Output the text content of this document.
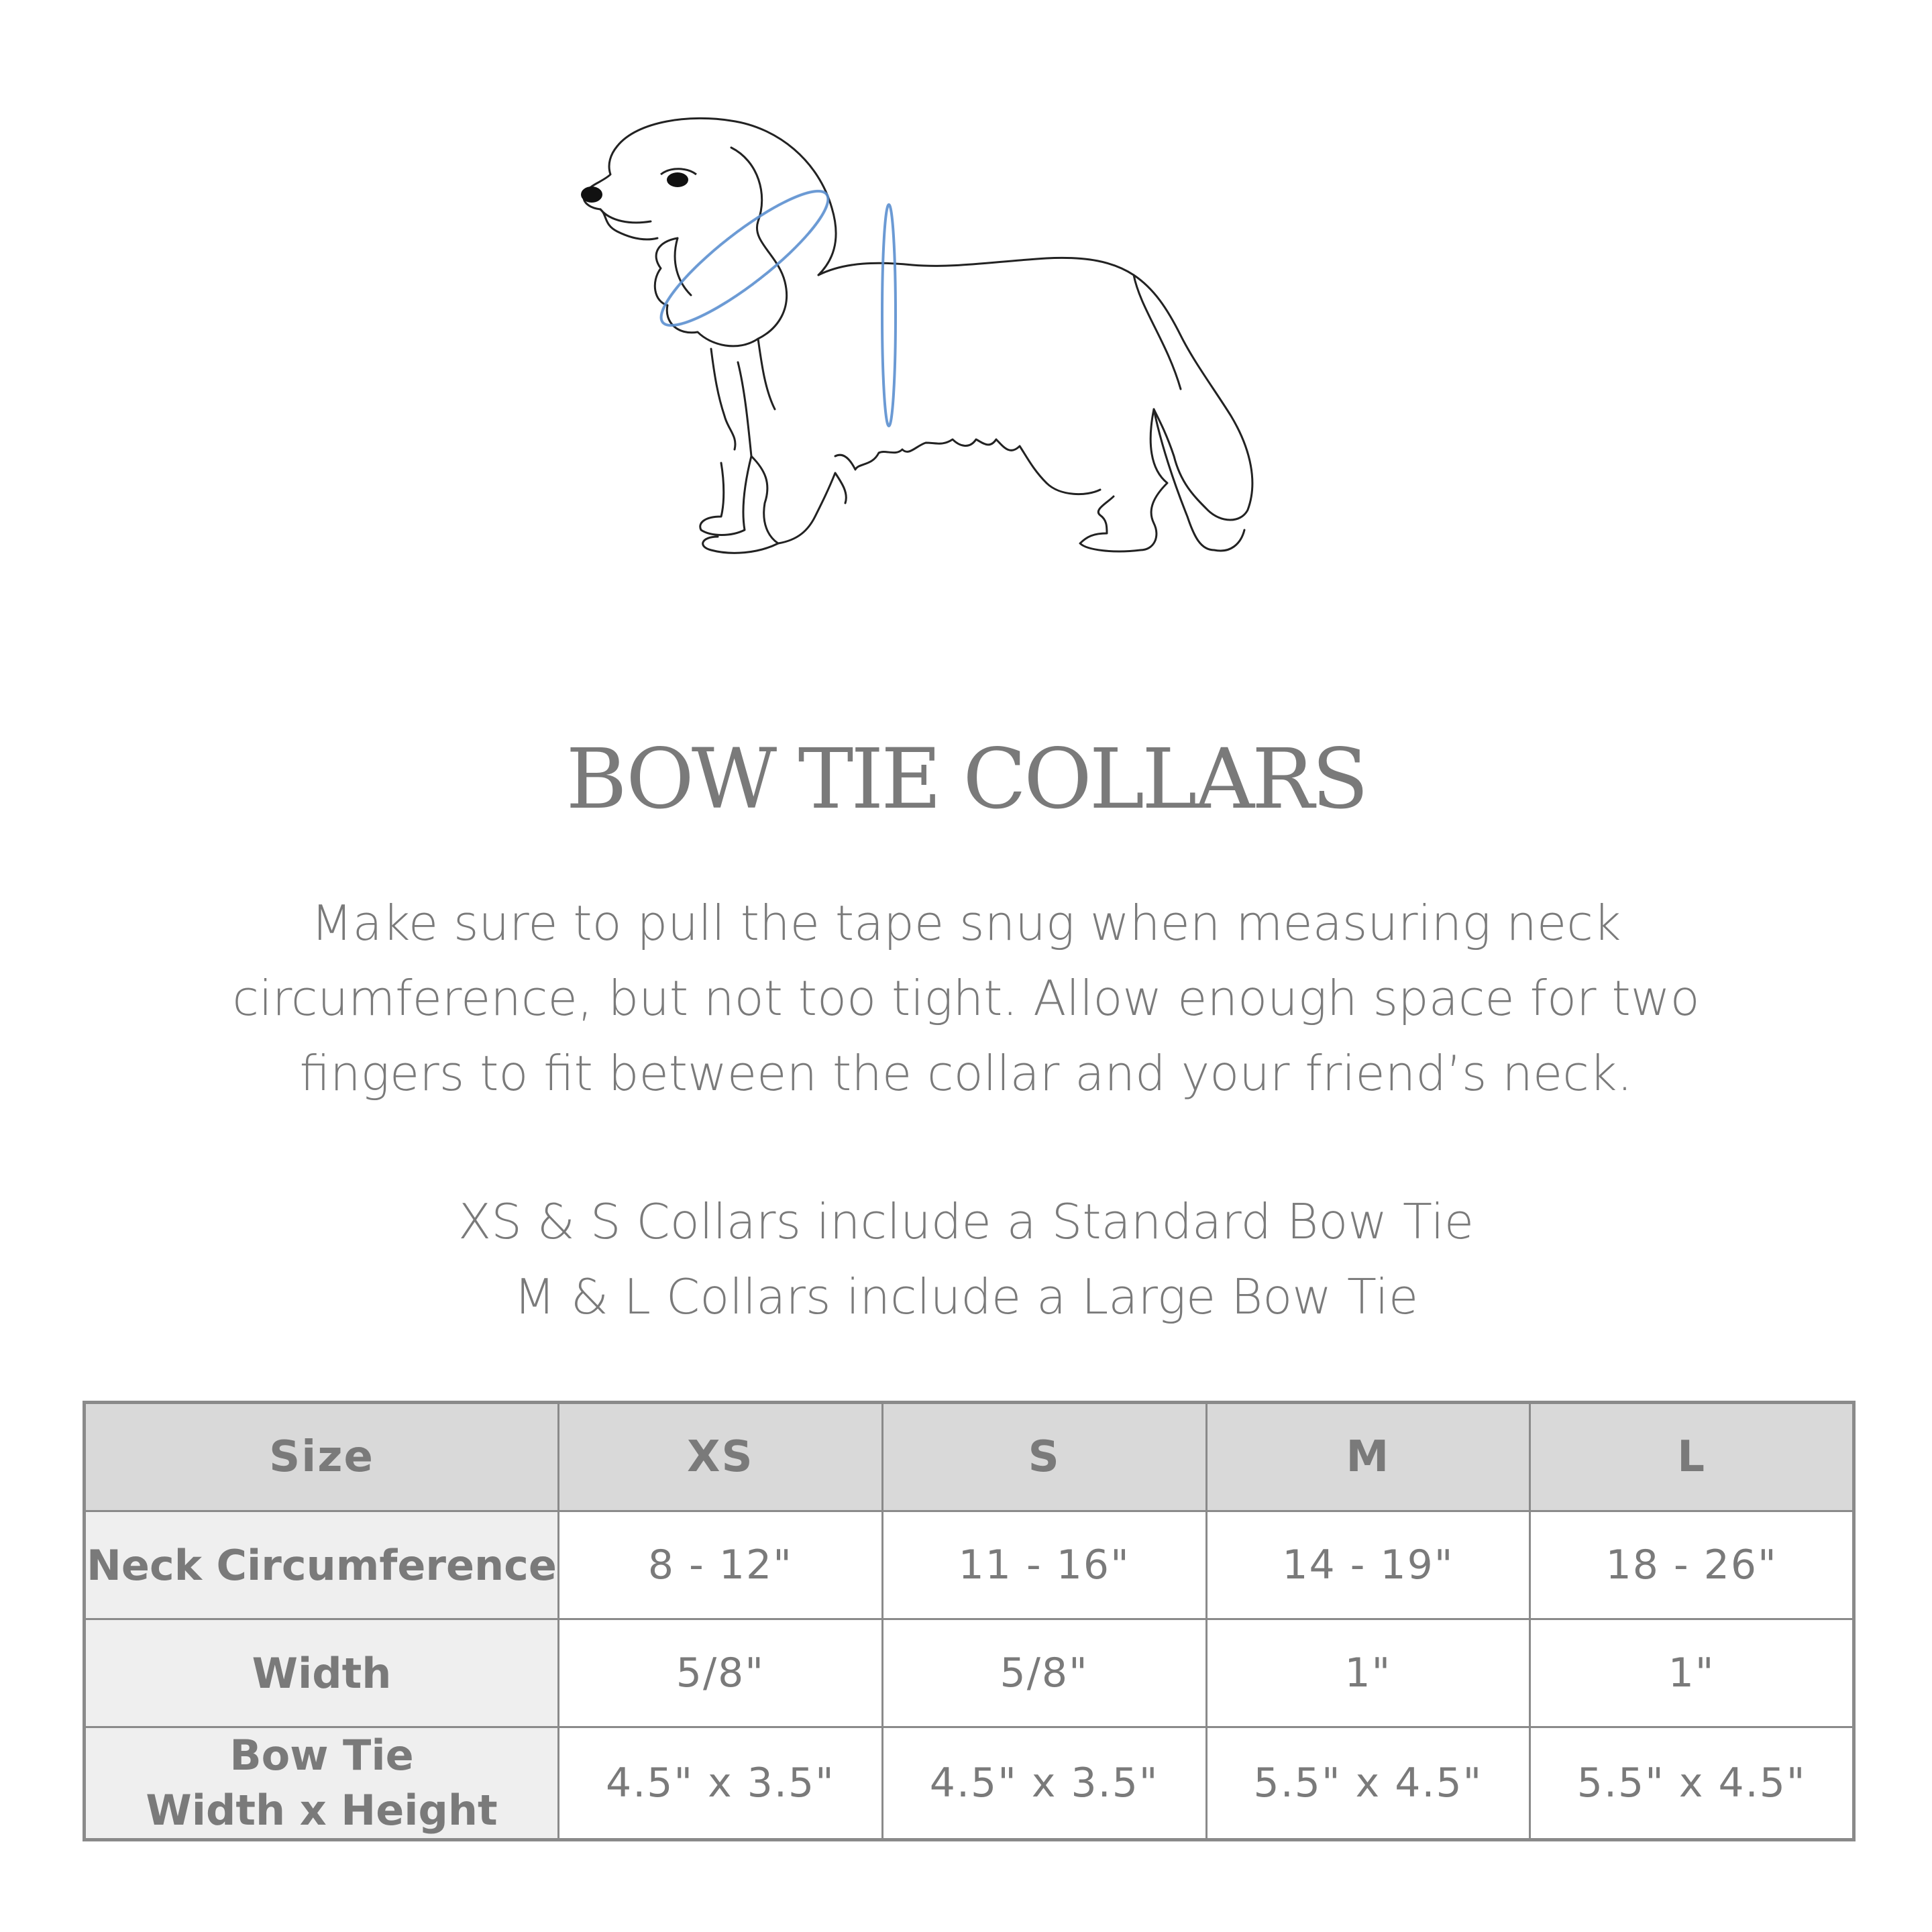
BOW TIE COLLARS
Make sure to pull the tape snug when measuring neck
circumference, but not too tight. Allow enough space for two
fingers to fit between the collar and your friend’s neck.
XS & S Collars include a Standard Bow Tie
M & L Collars include a Large Bow Tie
Size	XS	S	M	L
Neck Circumference	8 - 12"	11 - 16"	14 - 19"	18 - 26"
Width	5/8"	5/8"	1"	1"

Bow Tie
Width x Height	4.5" x 3.5"	4.5" x 3.5"	5.5" x 4.5"	5.5" x 4.5"
